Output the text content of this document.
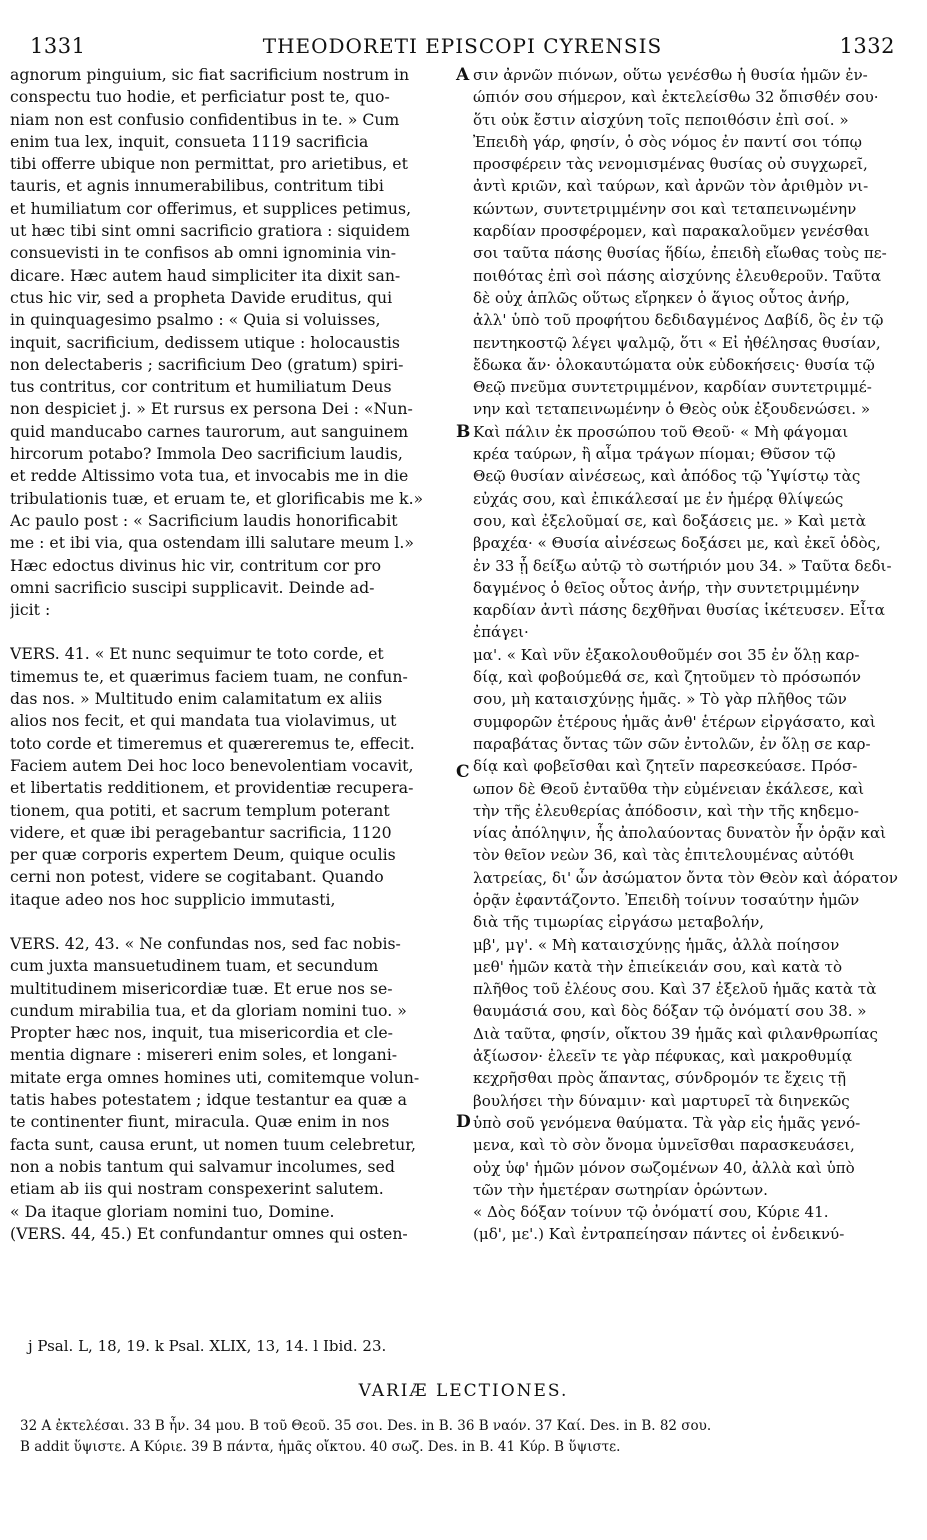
1331	THEODORETI EPISCOPI CYRENSIS	1332
agnorum pinguium, sic fiat sacrificium nostrum in
conspectu tuo hodie, et perficiatur post te, quo-
niam non est confusio confidentibus in te. » Cum
enim tua lex, inquit, consueta 1119 sacrificia
tibi offerre ubique non permittat, pro arietibus, et
tauris, et agnis innumerabilibus, contritum tibi
et humiliatum cor offerimus, et supplices petimus,
ut hæc tibi sint omni sacrificio gratiora : siquidem
consuevisti in te confisos ab omni ignominia vin-
dicare. Hæc autem haud simpliciter ita dixit san-
ctus hic vir, sed a propheta Davide eruditus, qui
in quinquagesimo psalmo : « Quia si voluisses,
inquit, sacrificium, dedissem utique : holocaustis
non delectaberis ; sacrificium Deo (gratum) spiri-
tus contritus, cor contritum et humiliatum Deus
non despiciet j. » Et rursus ex persona Dei : «Nun-
quid manducabo carnes taurorum, aut sanguinem
hircorum potabo? Immola Deo sacrificium laudis,
et redde Altissimo vota tua, et invocabis me in die
tribulationis tuæ, et eruam te, et glorificabis me k.»
Ac paulo post : « Sacrificium laudis honorificabit
me : et ibi via, qua ostendam illi salutare meum l.»
Hæc edoctus divinus hic vir, contritum cor pro
omni sacrificio suscipi supplicavit. Deinde ad-
jicit :
VERS. 41. « Et nunc sequimur te toto corde, et
timemus te, et quærimus faciem tuam, ne confun-
das nos. » Multitudo enim calamitatum ex aliis
alios nos fecit, et qui mandata tua violavimus, ut
toto corde et timeremus et quæreremus te, effecit.
Faciem autem Dei hoc loco benevolentiam vocavit,
et libertatis redditionem, et providentiæ recupera-
tionem, qua potiti, et sacrum templum poterant
videre, et quæ ibi peragebantur sacrificia, 1120
per quæ corporis expertem Deum, quique oculis
cerni non potest, videre se cogitabant. Quando
itaque adeo nos hoc supplicio immutasti,
VERS. 42, 43. « Ne confundas nos, sed fac nobis-
cum juxta mansuetudinem tuam, et secundum
multitudinem misericordiæ tuæ. Et erue nos se-
cundum mirabilia tua, et da gloriam nomini tuo. »
Propter hæc nos, inquit, tua misericordia et cle-
mentia dignare : misereri enim soles, et longani-
mitate erga omnes homines uti, comitemque volun-
tatis habes potestatem ; idque testantur ea quæ a
te continenter fiunt, miracula. Quæ enim in nos
facta sunt, causa erunt, ut nomen tuum celebretur,
non a nobis tantum qui salvamur incolumes, sed
etiam ab iis qui nostram conspexerint salutem.
« Da itaque gloriam nomini tuo, Domine.
(VERS. 44, 45.) Et confundantur omnes qui osten-
σιν ἀρνῶν πιόνων, οὕτω γενέσθω ἡ θυσία ἡμῶν ἐν-
ώπιόν σου σήμερον, καὶ ἐκτελείσθω 32 ὄπισθέν σου·
ὅτι οὐκ ἔστιν αἰσχύνη τοῖς πεποιθόσιν ἐπὶ σοί. »
Ἐπειδὴ γάρ, φησίν, ὁ σὸς νόμος ἐν παντί σοι τόπῳ
προσφέρειν τὰς νενομισμένας θυσίας οὐ συγχωρεῖ,
ἀντὶ κριῶν, καὶ ταύρων, καὶ ἀρνῶν τὸν ἀριθμὸν νι-
κώντων, συντετριμμένην σοι καὶ τεταπεινωμένην
καρδίαν προσφέρομεν, καὶ παρακαλοῦμεν γενέσθαι
σοι ταῦτα πάσης θυσίας ἥδίω, ἐπειδὴ εἴωθας τοὺς πε-
ποιθότας ἐπὶ σοὶ πάσης αἰσχύνης ἐλευθεροῦν. Ταῦτα
δὲ οὐχ ἁπλῶς οὕτως εἴρηκεν ὁ ἅγιος οὗτος ἀνήρ,
ἀλλ' ὑπὸ τοῦ προφήτου δεδιδαγμένος Δαβίδ, ὃς ἐν τῷ
πεντηκοστῷ λέγει ψαλμῷ, ὅτι « Εἰ ἠθέλησας θυσίαν,
ἔδωκα ἄν· ὁλοκαυτώματα οὐκ εὐδοκήσεις· θυσία τῷ
Θεῷ πνεῦμα συντετριμμένον, καρδίαν συντετριμμέ-
νην καὶ τεταπεινωμένην ὁ Θεὸς οὐκ ἐξουδενώσει. »
Καὶ πάλιν ἐκ προσώπου τοῦ Θεοῦ· « Μὴ φάγομαι
κρέα ταύρων, ἢ αἷμα τράγων πίομαι; Θῦσον τῷ
Θεῷ θυσίαν αἰνέσεως, καὶ ἀπόδος τῷ Ὑψίστῳ τὰς
εὐχάς σου, καὶ ἐπικάλεσαί με ἐν ἡμέρᾳ θλίψεώς
σου, καὶ ἐξελοῦμαί σε, καὶ δοξάσεις με. » Καὶ μετὰ
βραχέα· « Θυσία αἰνέσεως δοξάσει με, καὶ ἐκεῖ ὁδὸς,
ἐν 33 ᾗ δείξω αὐτῷ τὸ σωτήριόν μου 34. » Ταῦτα δεδι-
δαγμένος ὁ θεῖος οὗτος ἀνήρ, τὴν συντετριμμένην
καρδίαν ἀντὶ πάσης δεχθῆναι θυσίας ἱκέτευσεν. Εἶτα
ἐπάγει·
μα'. « Καὶ νῦν ἐξακολουθοῦμέν σοι 35 ἐν ὅλῃ καρ-
δίᾳ, καὶ φοβούμεθά σε, καὶ ζητοῦμεν τὸ πρόσωπόν
σου, μὴ καταισχύνῃς ἡμᾶς. » Τὸ γὰρ πλῆθος τῶν
συμφορῶν ἑτέρους ἡμᾶς ἀνθ' ἑτέρων εἰργάσατο, καὶ
παραβάτας ὄντας τῶν σῶν ἐντολῶν, ἐν ὅλῃ σε καρ-
δίᾳ καὶ φοβεῖσθαι καὶ ζητεῖν παρεσκεύασε. Πρόσ-
ωπον δὲ Θεοῦ ἐνταῦθα τὴν εὐμένειαν ἐκάλεσε, καὶ
τὴν τῆς ἐλευθερίας ἀπόδοσιν, καὶ τὴν τῆς κηδεμο-
νίας ἀπόληψιν, ἧς ἀπολαύοντας δυνατὸν ἦν ὁρᾷν καὶ
τὸν θεῖον νεὼν 36, καὶ τὰς ἐπιτελουμένας αὐτόθι
λατρείας, δι' ὧν ἀσώματον ὄντα τὸν Θεὸν καὶ ἀόρατον
ὁρᾷν ἐφαντάζοντο. Ἐπειδὴ τοίνυν τοσαύτην ἡμῶν
διὰ τῆς τιμωρίας εἰργάσω μεταβολήν,
μβ', μγ'. « Μὴ καταισχύνῃς ἡμᾶς, ἀλλὰ ποίησον
μεθ' ἡμῶν κατὰ τὴν ἐπιείκειάν σου, καὶ κατὰ τὸ
πλῆθος τοῦ ἐλέους σου. Καὶ 37 ἐξελοῦ ἡμᾶς κατὰ τὰ
θαυμάσιά σου, καὶ δὸς δόξαν τῷ ὀνόματί σου 38. »
Διὰ ταῦτα, φησίν, οἴκτου 39 ἡμᾶς καὶ φιλανθρωπίας
ἀξίωσον· ἐλεεῖν τε γὰρ πέφυκας, καὶ μακροθυμίᾳ
κεχρῆσθαι πρὸς ἅπαντας, σύνδρομόν τε ἔχεις τῇ
βουλήσει τὴν δύναμιν· καὶ μαρτυρεῖ τὰ διηνεκῶς
ὑπὸ σοῦ γενόμενα θαύματα. Τὰ γὰρ εἰς ἡμᾶς γενό-
μενα, καὶ τὸ σὸν ὄνομα ὑμνεῖσθαι παρασκευάσει,
οὐχ ὑφ' ἡμῶν μόνον σωζομένων 40, ἀλλὰ καὶ ὑπὸ
τῶν τὴν ἡμετέραν σωτηρίαν ὁρώντων.
« Δὸς δόξαν τοίνυν τῷ ὀνόματί σου, Κύριε 41.
(μδ', με'.) Καὶ ἐντραπείησαν πάντες οἱ ἐνδεικνύ-
A
B
C
D
j Psal. L, 18, 19. k Psal. XLIX, 13, 14. l Ibid. 23.
VARIÆ LECTIONES.
32 A ἐκτελέσαι. 33 B ἦν. 34 μου. B τοῦ Θεοῦ. 35 σοι. Des. in B. 36 B ναόν. 37 Καί. Des. in B. 82 σου.
B addit ὕψιστε. A Κύριε. 39 B πάντα, ἡμᾶς οἴκτου. 40 σωζ. Des. in B. 41 Κύρ. B ὕψιστε.
